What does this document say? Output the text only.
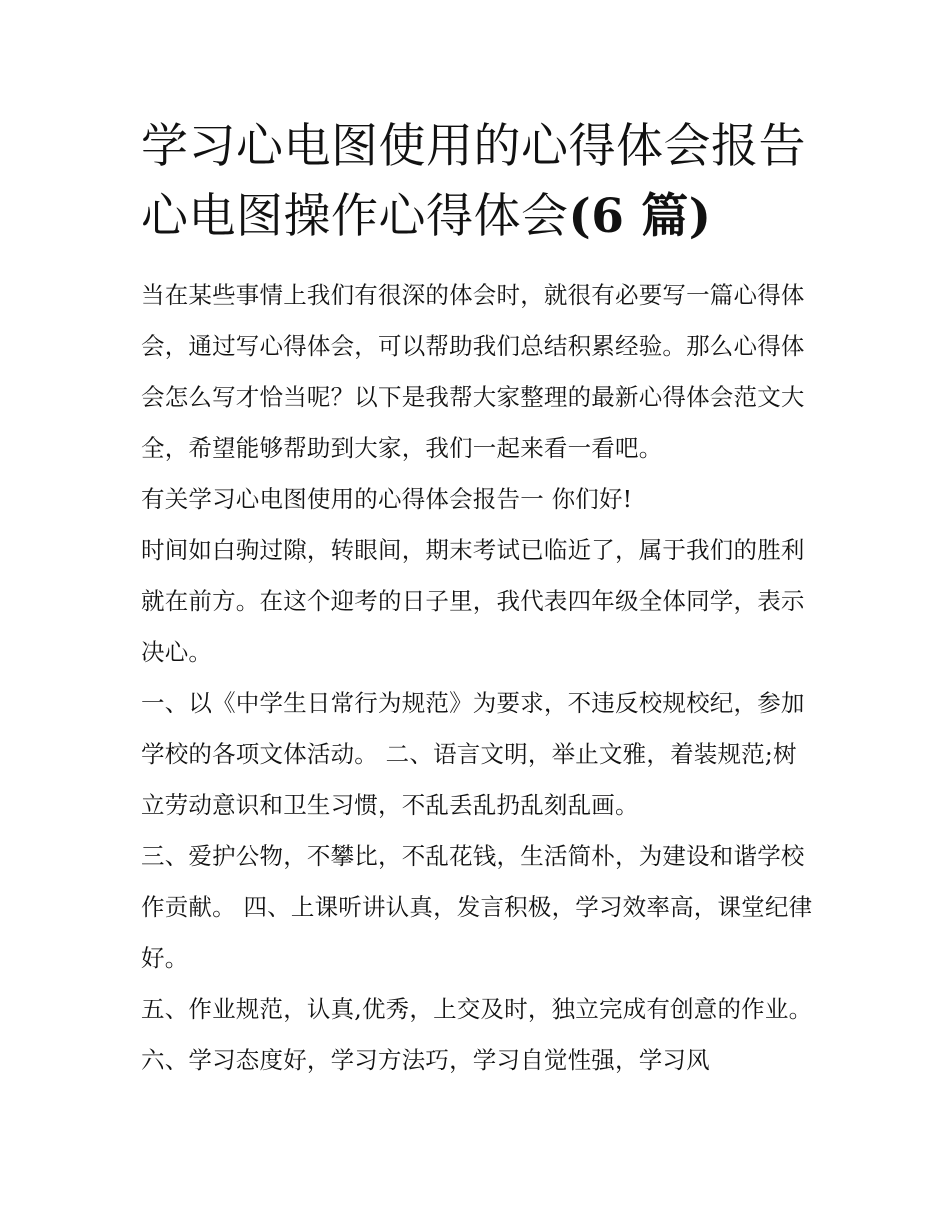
学习心电图使用的心得体会报告 心电图操作心得体会(6 篇)

当在某些事情上我们有很深的体会时，就很有必要写一篇心得体会，通过写心得体会，可以帮助我们总结积累经验。那么心得体会怎么写才恰当呢？以下是我帮大家整理的最新心得体会范文大全，希望能够帮助到大家，我们一起来看一看吧。

有关学习心电图使用的心得体会报告一 你们好!

时间如白驹过隙，转眼间，期末考试已临近了，属于我们的胜利就在前方。在这个迎考的日子里，我代表四年级全体同学，表示决心。

一、以《中学生日常行为规范》为要求，不违反校规校纪，参加学校的各项文体活动。 二、语言文明，举止文雅，着装规范;树立劳动意识和卫生习惯，不乱丢乱扔乱刻乱画。

三、爱护公物，不攀比，不乱花钱，生活简朴，为建设和谐学校作贡献。 四、上课听讲认真，发言积极，学习效率高，课堂纪律好。

五、作业规范，认真,优秀，上交及时，独立完成有创意的作业。 六、学习态度好，学习方法巧，学习自觉性强，学习风
